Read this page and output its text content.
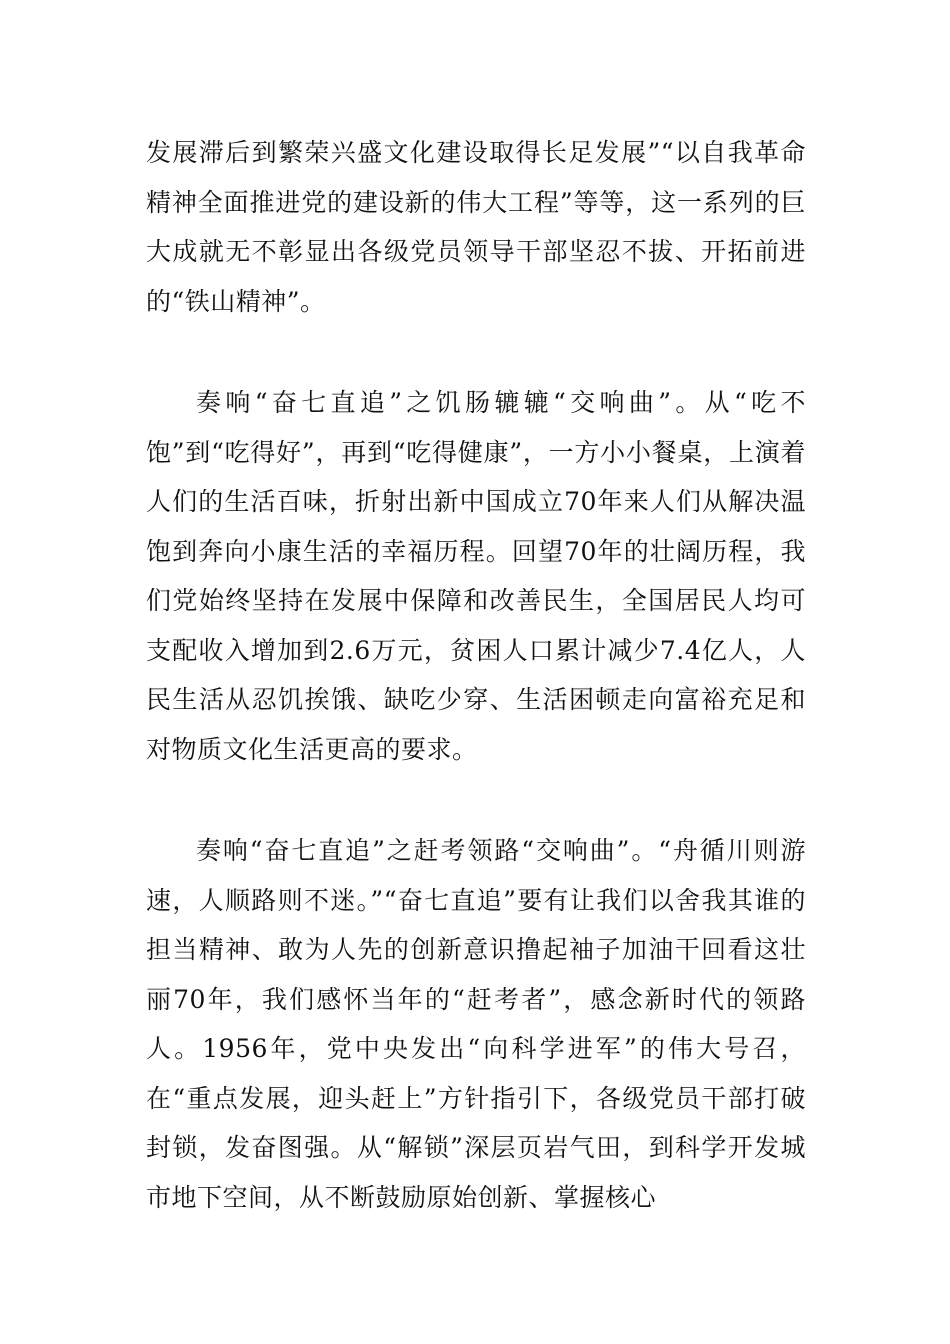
发展滞后到繁荣兴盛文化建设取得长足发展”“以自我革命精神全面推进党的建设新的伟大工程”等等，这一系列的巨大成就无不彰显出各级党员领导干部坚忍不拔、开拓前进的“铁山精神”。

奏响“奋七直追”之饥肠辘辘“交响曲”。从“吃不饱”到“吃得好”，再到“吃得健康”，一方小小餐桌，上演着人们的生活百味，折射出新中国成立70年来人们从解决温饱到奔向小康生活的幸福历程。回望70年的壮阔历程，我们党始终坚持在发展中保障和改善民生，全国居民人均可支配收入增加到2.6万元，贫困人口累计减少7.4亿人，人民生活从忍饥挨饿、缺吃少穿、生活困顿走向富裕充足和对物质文化生活更高的要求。

奏响“奋七直追”之赶考领路“交响曲”。“舟循川则游速，人顺路则不迷。”“奋七直追”要有让我们以舍我其谁的担当精神、敢为人先的创新意识撸起袖子加油干回看这壮丽70年，我们感怀当年的“赶考者”，感念新时代的领路人。1956年，党中央发出“向科学进军”的伟大号召，在“重点发展，迎头赶上”方针指引下，各级党员干部打破封锁，发奋图强。从“解锁”深层页岩气田，到科学开发城市地下空间，从不断鼓励原始创新、掌握核心
